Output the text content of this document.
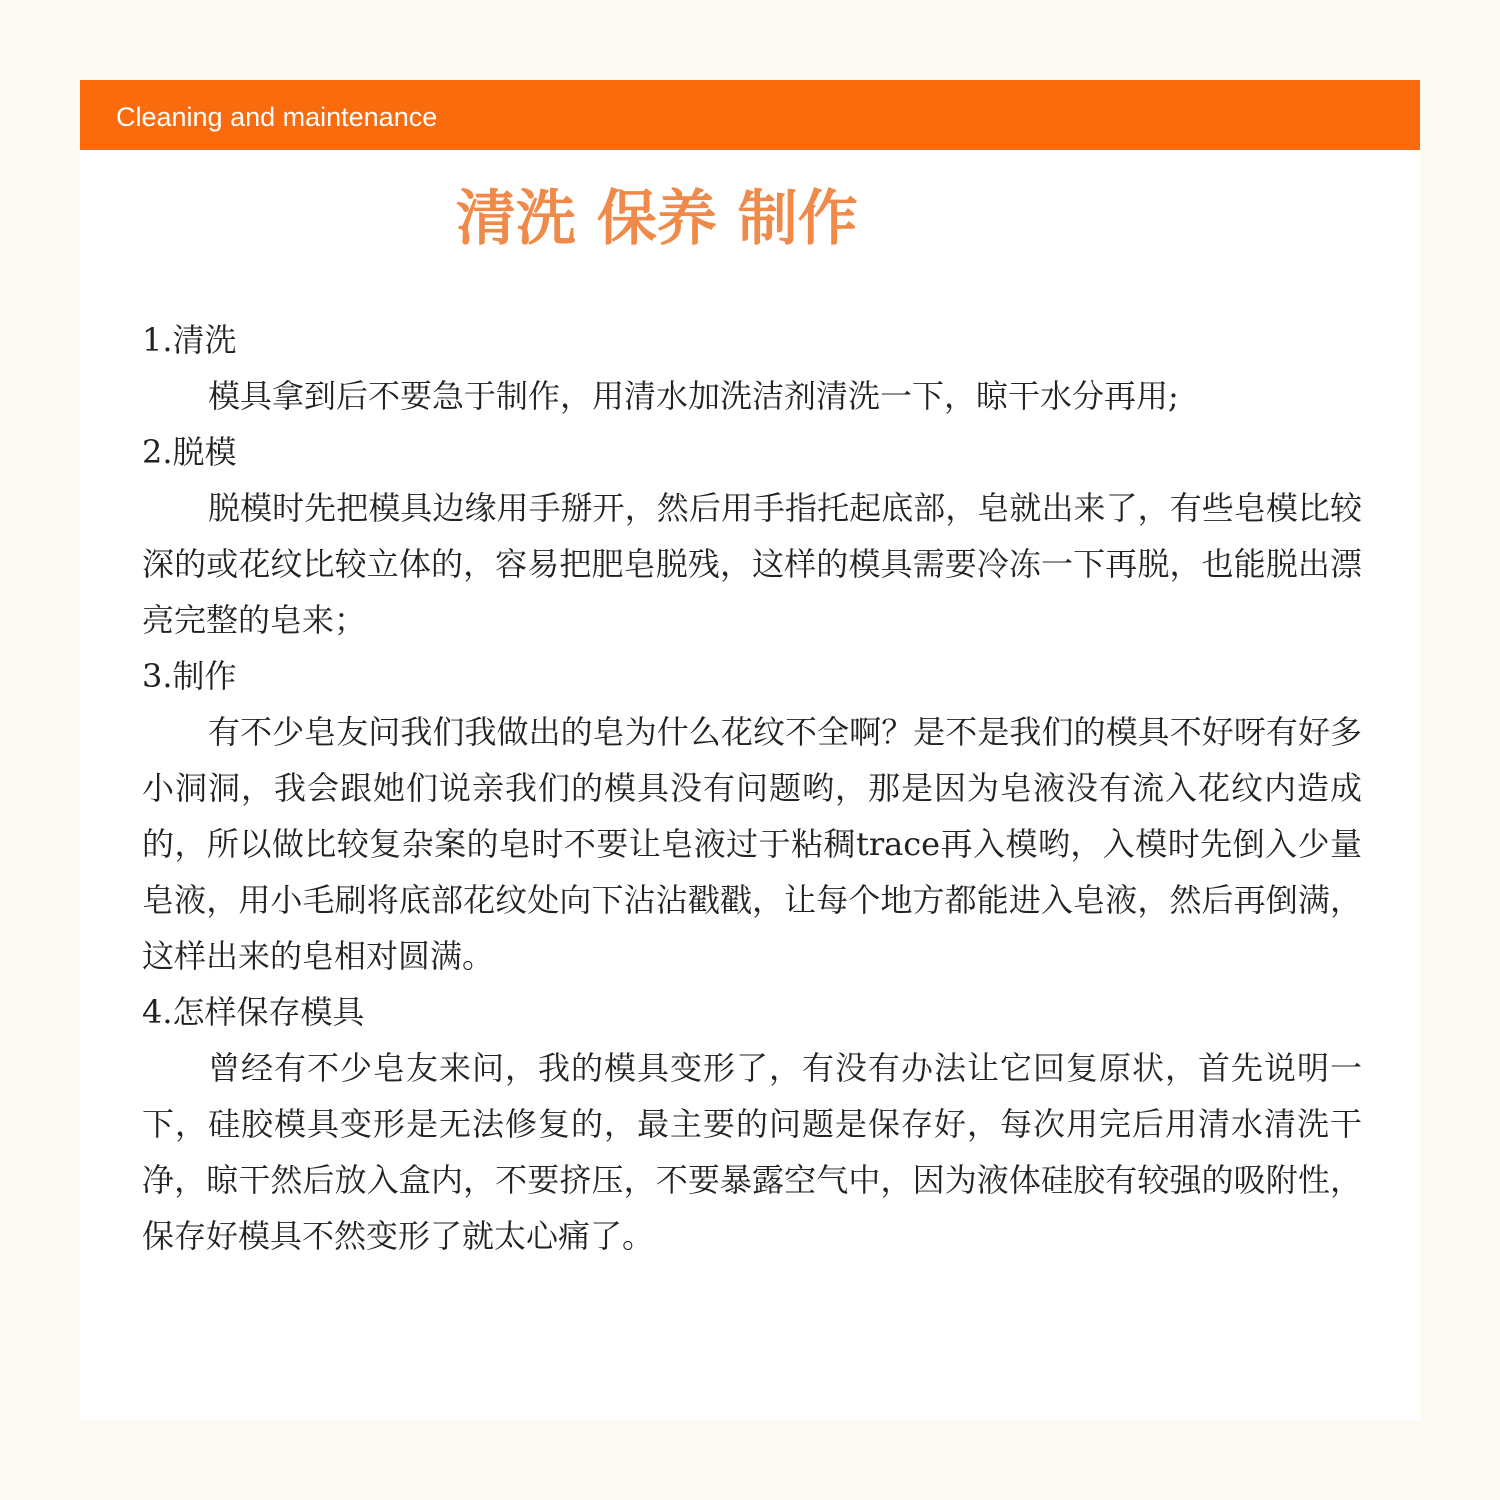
Cleaning and maintenance
清洗 保养 制作
1.清洗

模具拿到后不要急于制作，用清水加洗洁剂清洗一下，晾干水分再用;

2.脱模

脱模时先把模具边缘用手掰开，然后用手指托起底部，皂就出来了，有些皂模比较深的或花纹比较立体的，容易把肥皂脱残，这样的模具需要冷冻一下再脱，也能脱出漂亮完整的皂来；

3.制作

有不少皂友问我们我做出的皂为什么花纹不全啊？是不是我们的模具不好呀有好多小洞洞，我会跟她们说亲我们的模具没有问题哟，那是因为皂液没有流入花纹内造成的，所以做比较复杂案的皂时不要让皂液过于粘稠trace再入模哟，入模时先倒入少量皂液，用小毛刷将底部花纹处向下沾沾戳戳，让每个地方都能进入皂液，然后再倒满，这样出来的皂相对圆满。

4.怎样保存模具

曾经有不少皂友来问，我的模具变形了，有没有办法让它回复原状，首先说明一下，硅胶模具变形是无法修复的，最主要的问题是保存好，每次用完后用清水清洗干净，晾干然后放入盒内，不要挤压，不要暴露空气中，因为液体硅胶有较强的吸附性，保存好模具不然变形了就太心痛了。
